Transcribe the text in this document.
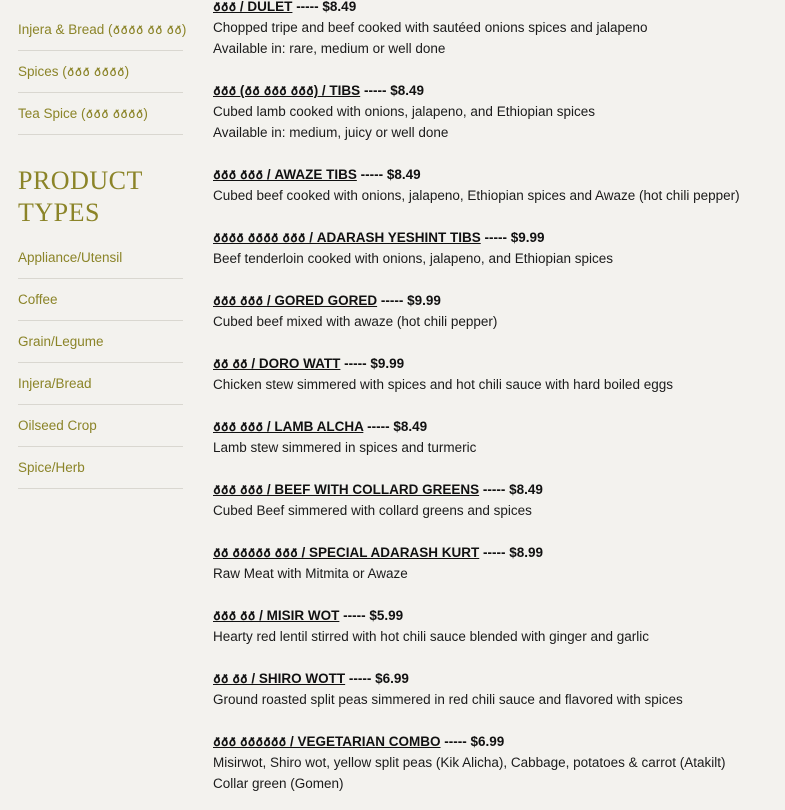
Injera & Bread (𐒀𐒀𐒀𐒀 𐒀𐒀 𐒀𐒀)
Spices (𐒀𐒀𐒀 𐒀𐒀𐒀𐒀)
Tea Spice (𐒀𐒀𐒀 𐒀𐒀𐒀𐒀)
PRODUCT TYPES
Appliance/Utensil
Coffee
Grain/Legume
Injera/Bread
Oilseed Crop
Spice/Herb
𐒀𐒀𐒀 / DULET ----- $8.49
Chopped tripe and beef cooked with sautéed onions spices and jalapeno
Available in: rare, medium or well done
𐒀𐒀𐒀 (𐒀𐒀 𐒀𐒀𐒀 𐒀𐒀𐒀) / TIBS ----- $8.49
Cubed lamb cooked with onions, jalapeno, and Ethiopian spices
Available in: medium, juicy or well done
𐒀𐒀𐒀 𐒀𐒀𐒀 / AWAZE TIBS ----- $8.49
Cubed beef cooked with onions, jalapeno, Ethiopian spices and Awaze (hot chili pepper)
𐒀𐒀𐒀𐒀 𐒀𐒀𐒀𐒀 𐒀𐒀𐒀 / ADARASH YESHINT TIBS ----- $9.99
Beef tenderloin cooked with onions, jalapeno, and Ethiopian spices
𐒀𐒀𐒀 𐒀𐒀𐒀 / GORED GORED ----- $9.99
Cubed beef mixed with awaze (hot chili pepper)
𐒀𐒀 𐒀𐒀 / DORO WATT ----- $9.99
Chicken stew simmered with spices and hot chili sauce with hard boiled eggs
𐒀𐒀𐒀 𐒀𐒀𐒀 / LAMB ALCHA ----- $8.49
Lamb stew simmered in spices and turmeric
𐒀𐒀𐒀 𐒀𐒀𐒀 / BEEF WITH COLLARD GREENS ----- $8.49
Cubed Beef simmered with collard greens and spices
𐒀𐒀 𐒀𐒀𐒀𐒀𐒀 𐒀𐒀𐒀 / SPECIAL ADARASH KURT ----- $8.99
Raw Meat with Mitmita or Awaze
𐒀𐒀𐒀 𐒀𐒀 / MISIR WOT ----- $5.99
Hearty red lentil stirred with hot chili sauce blended with ginger and garlic
𐒀𐒀 𐒀𐒀 / SHIRO WOTT ----- $6.99
Ground roasted split peas simmered in red chili sauce and flavored with spices
𐒀𐒀𐒀 𐒀𐒀𐒀𐒀𐒀𐒀 / VEGETARIAN COMBO ----- $6.99
Misirwot, Shiro wot, yellow split peas (Kik Alicha), Cabbage, potatoes & carrot (Atakilt)
Collar green (Gomen)
